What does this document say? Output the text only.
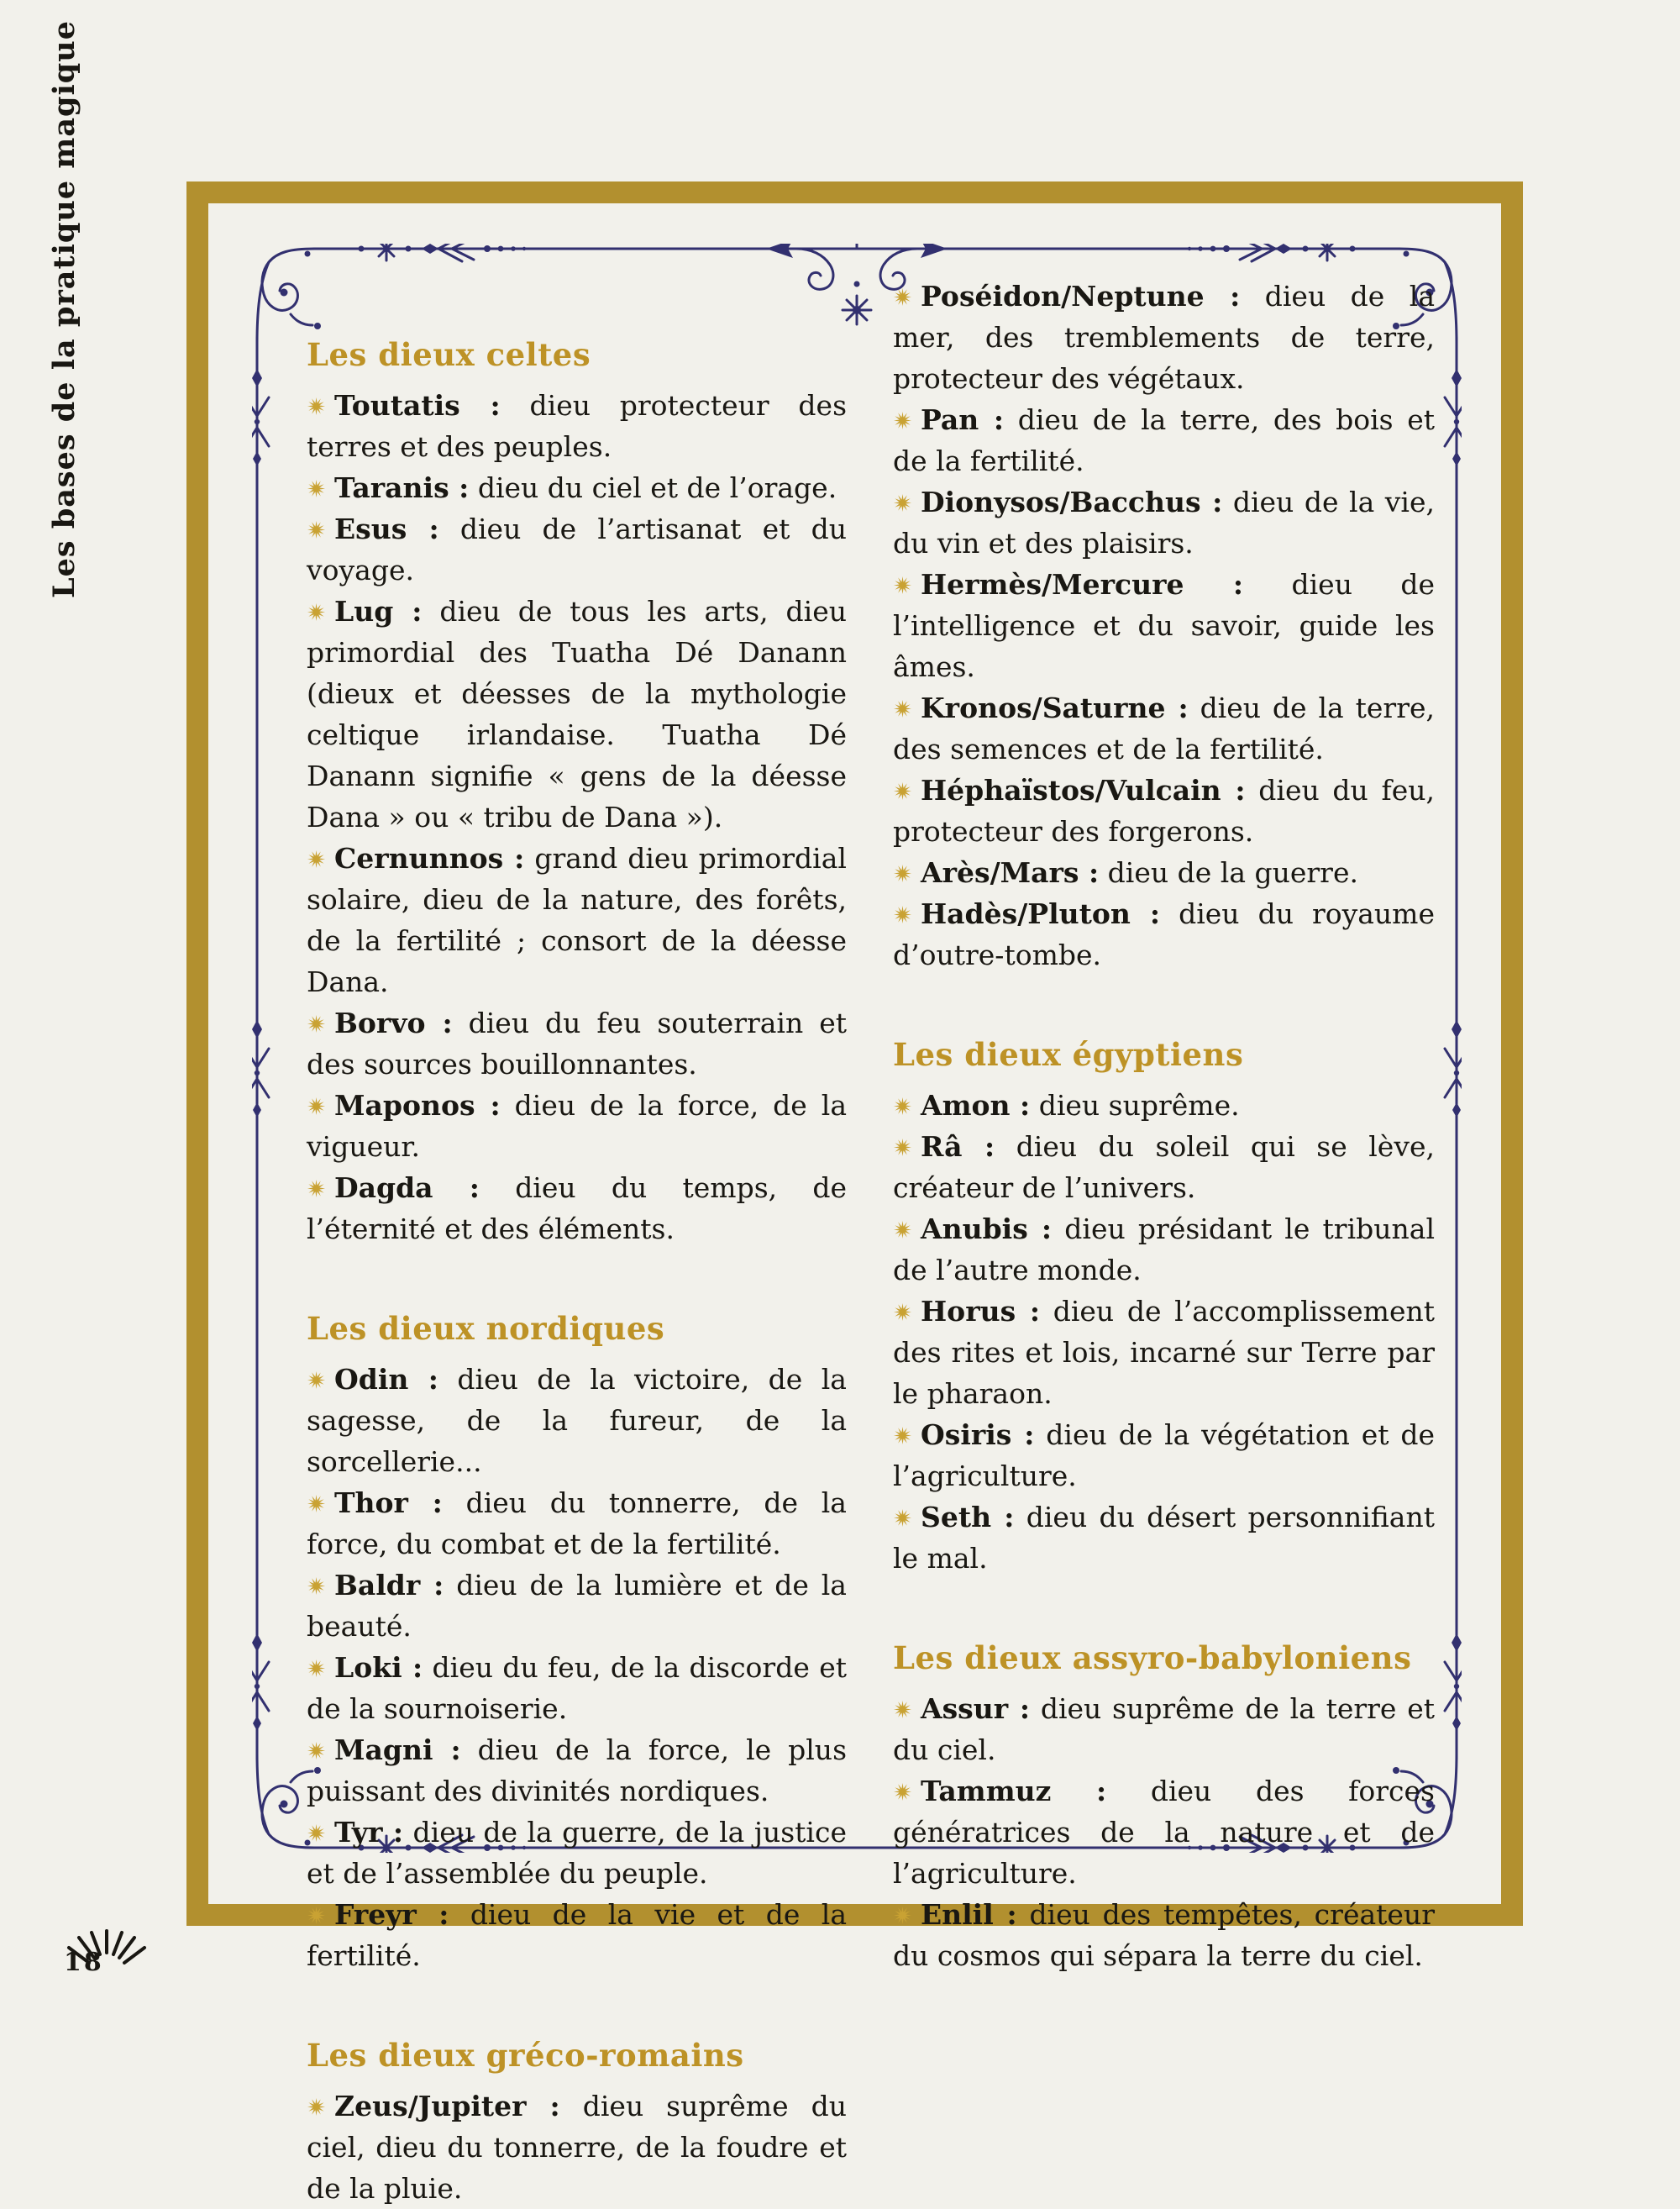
Les bases de la pratique magique	Les dieux celtes

Toutatis : dieu protecteur des terres et des peuples.

Taranis : dieu du ciel et de l’orage.

Esus : dieu de l’artisanat et du voyage.

Lug : dieu de tous les arts, dieu primordial des Tuatha Dé Danann (dieux et déesses de la mythologie celtique irlandaise. Tuatha Dé Danann signifie « gens de la déesse Dana » ou « tribu de Dana »).

Cernunnos : grand dieu primordial solaire, dieu de la nature, des forêts, de la fertilité ; consort de la déesse Dana.

Borvo : dieu du feu souterrain et des sources bouillonnantes.

Maponos : dieu de la force, de la vigueur.

Dagda : dieu du temps, de l’éternité et des éléments.

Les dieux nordiques

Odin : dieu de la victoire, de la sagesse, de la fureur, de la sorcellerie...

Thor : dieu du tonnerre, de la force, du combat et de la fertilité.

Baldr : dieu de la lumière et de la beauté.

Loki : dieu du feu, de la discorde et de la sournoiserie.

Magni : dieu de la force, le plus puissant des divinités nordiques.

Tyr : dieu de la guerre, de la justice et de l’assemblée du peuple.

Freyr : dieu de la vie et de la fertilité.

Les dieux gréco-romains

Zeus/Jupiter : dieu suprême du ciel, dieu du tonnerre, de la foudre et de la pluie.

Poséidon/Neptune : dieu de la mer, des tremblements de terre, protecteur des végétaux.

Pan : dieu de la terre, des bois et de la fertilité.

Dionysos/Bacchus : dieu de la vie, du vin et des plaisirs.

Hermès/Mercure : dieu de l’intelligence et du savoir, guide les âmes.

Kronos/Saturne : dieu de la terre, des semences et de la fertilité.

Héphaïstos/Vulcain : dieu du feu, protecteur des forgerons.

Arès/Mars : dieu de la guerre.

Hadès/Pluton : dieu du royaume d’outre-tombe.

Les dieux égyptiens

Amon : dieu suprême.

Râ : dieu du soleil qui se lève, créateur de l’univers.

Anubis : dieu présidant le tribunal de l’autre monde.

Horus : dieu de l’accomplissement des rites et lois, incarné sur Terre par le pharaon.

Osiris : dieu de la végétation et de l’agriculture.

Seth : dieu du désert personnifiant le mal.

Les dieux assyro-babyloniens

Assur : dieu suprême de la terre et du ciel.

Tammuz : dieu des forces génératrices de la nature et de l’agriculture.

Enlil : dieu des tempêtes, créateur du cosmos qui sépara la terre du ciel.

18
